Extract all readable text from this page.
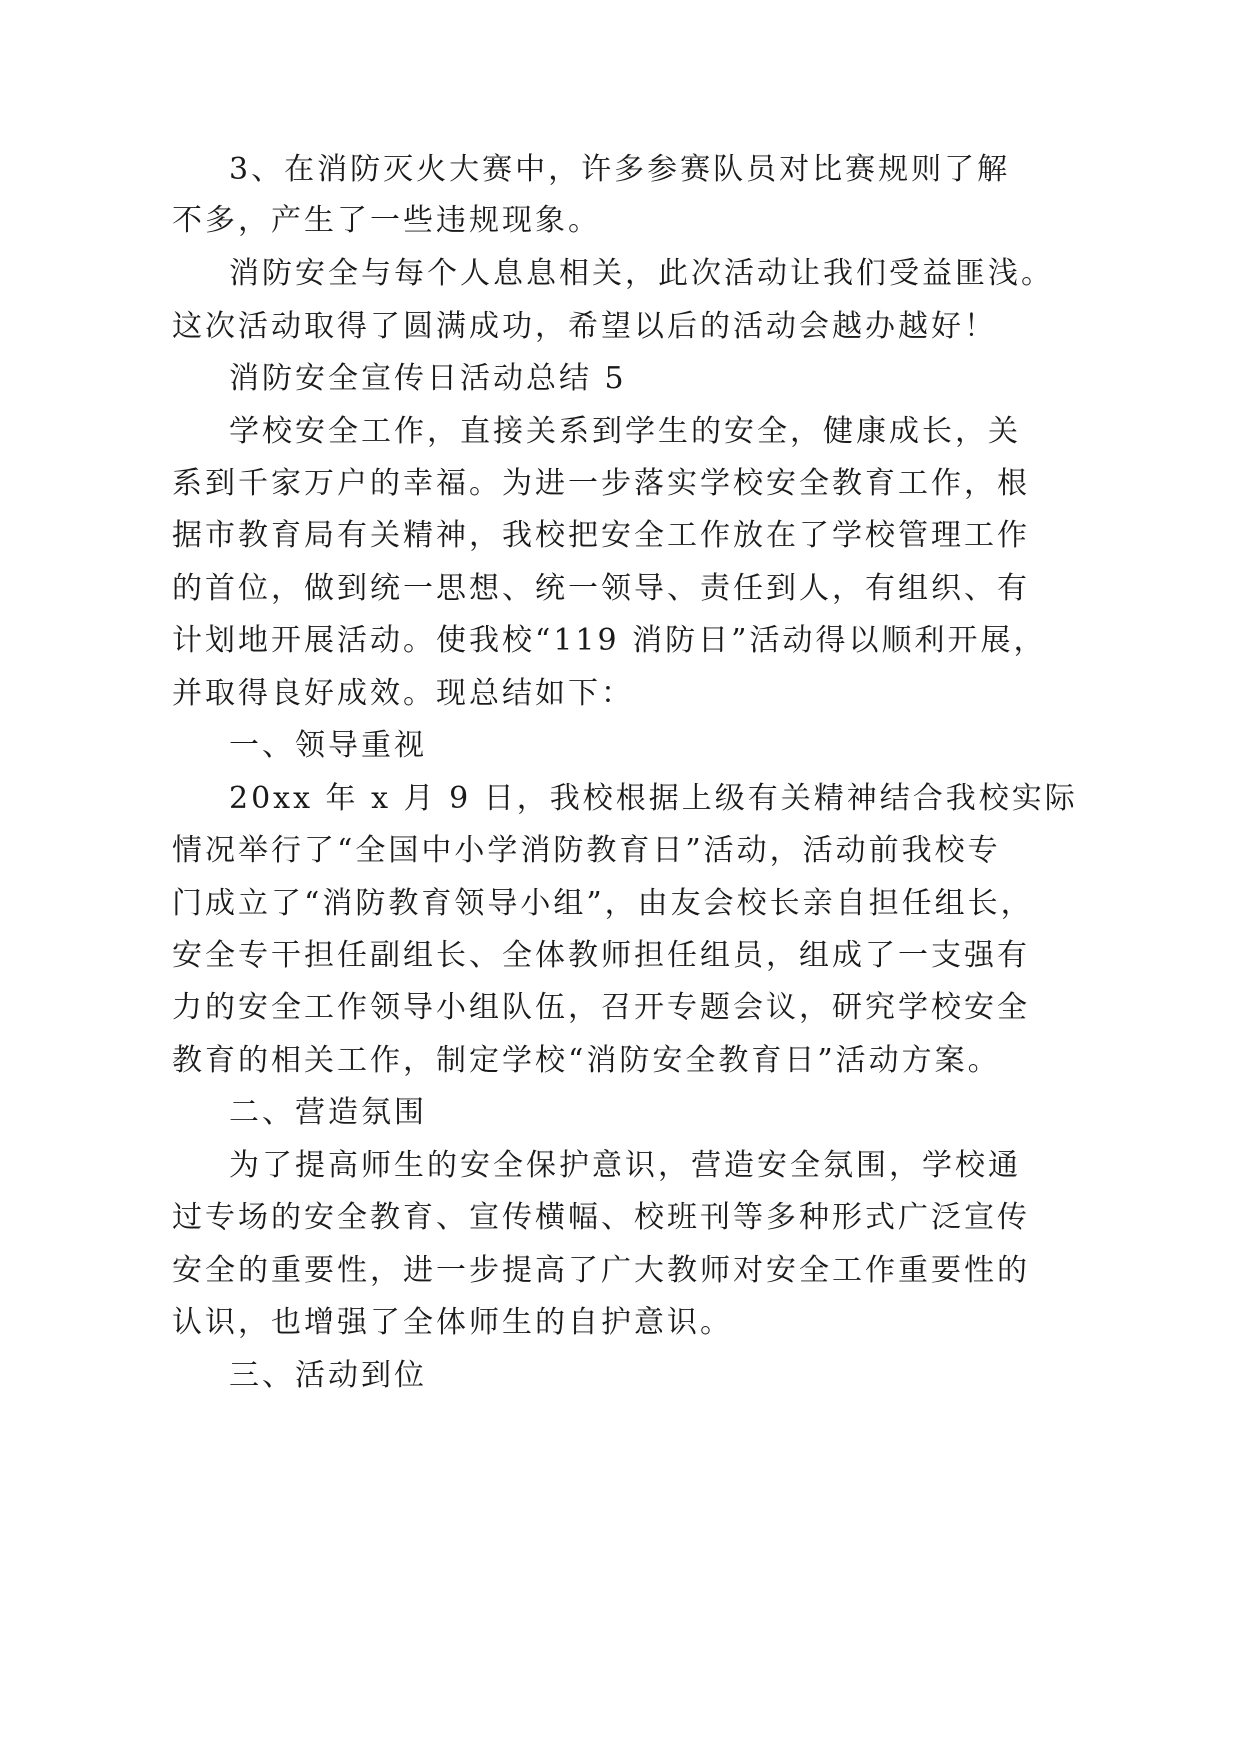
3、在消防灭火大赛中，许多参赛队员对比赛规则了解
不多，产生了一些违规现象。
消防安全与每个人息息相关，此次活动让我们受益匪浅。
这次活动取得了圆满成功，希望以后的活动会越办越好！
消防安全宣传日活动总结 5
学校安全工作，直接关系到学生的安全，健康成长，关
系到千家万户的幸福。为进一步落实学校安全教育工作，根
据市教育局有关精神，我校把安全工作放在了学校管理工作
的首位，做到统一思想、统一领导、责任到人，有组织、有
计划地开展活动。使我校“119 消防日”活动得以顺利开展，
并取得良好成效。现总结如下：
一、领导重视
20xx 年 x 月 9 日，我校根据上级有关精神结合我校实际
情况举行了“全国中小学消防教育日”活动，活动前我校专
门成立了“消防教育领导小组”，由友会校长亲自担任组长，
安全专干担任副组长、全体教师担任组员，组成了一支强有
力的安全工作领导小组队伍，召开专题会议，研究学校安全
教育的相关工作，制定学校“消防安全教育日”活动方案。
二、营造氛围
为了提高师生的安全保护意识，营造安全氛围，学校通
过专场的安全教育、宣传横幅、校班刊等多种形式广泛宣传
安全的重要性，进一步提高了广大教师对安全工作重要性的
认识，也增强了全体师生的自护意识。
三、活动到位
